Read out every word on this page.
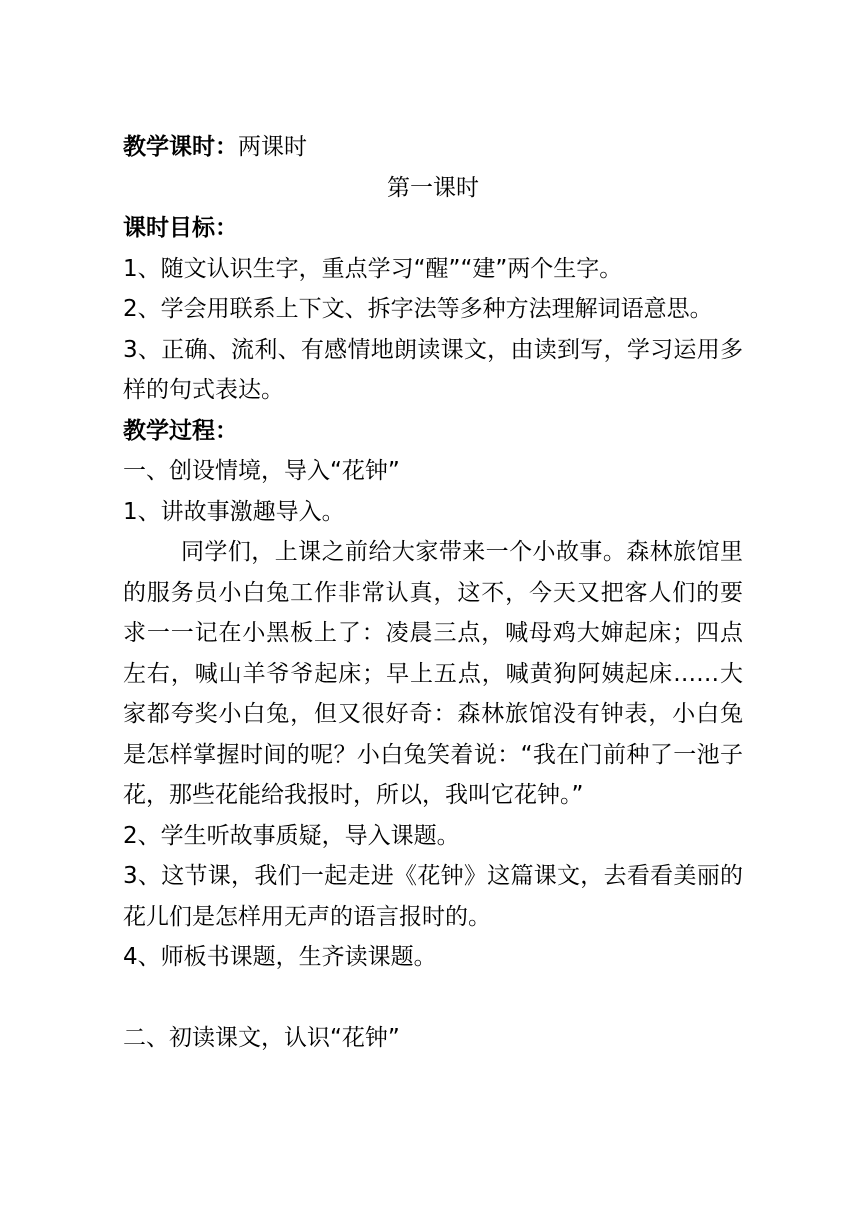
教学课时：两课时

第一课时

课时目标：

1、随文认识生字，重点学习“醒”“建”两个生字。

2、学会用联系上下文、拆字法等多种方法理解词语意思。

3、正确、流利、有感情地朗读课文，由读到写，学习运用多样的句式表达。

教学过程：

一、创设情境，导入“花钟”

1、讲故事激趣导入。

同学们，上课之前给大家带来一个小故事。森林旅馆里的服务员小白兔工作非常认真，这不，今天又把客人们的要求一一记在小黑板上了：凌晨三点，喊母鸡大婶起床；四点左右，喊山羊爷爷起床；早上五点，喊黄狗阿姨起床……大家都夸奖小白兔，但又很好奇：森林旅馆没有钟表，小白兔是怎样掌握时间的呢？小白兔笑着说：“我在门前种了一池子花，那些花能给我报时，所以，我叫它花钟。”

2、学生听故事质疑，导入课题。

3、这节课，我们一起走进《花钟》这篇课文，去看看美丽的花儿们是怎样用无声的语言报时的。

4、师板书课题，生齐读课题。

二、初读课文，认识“花钟”
